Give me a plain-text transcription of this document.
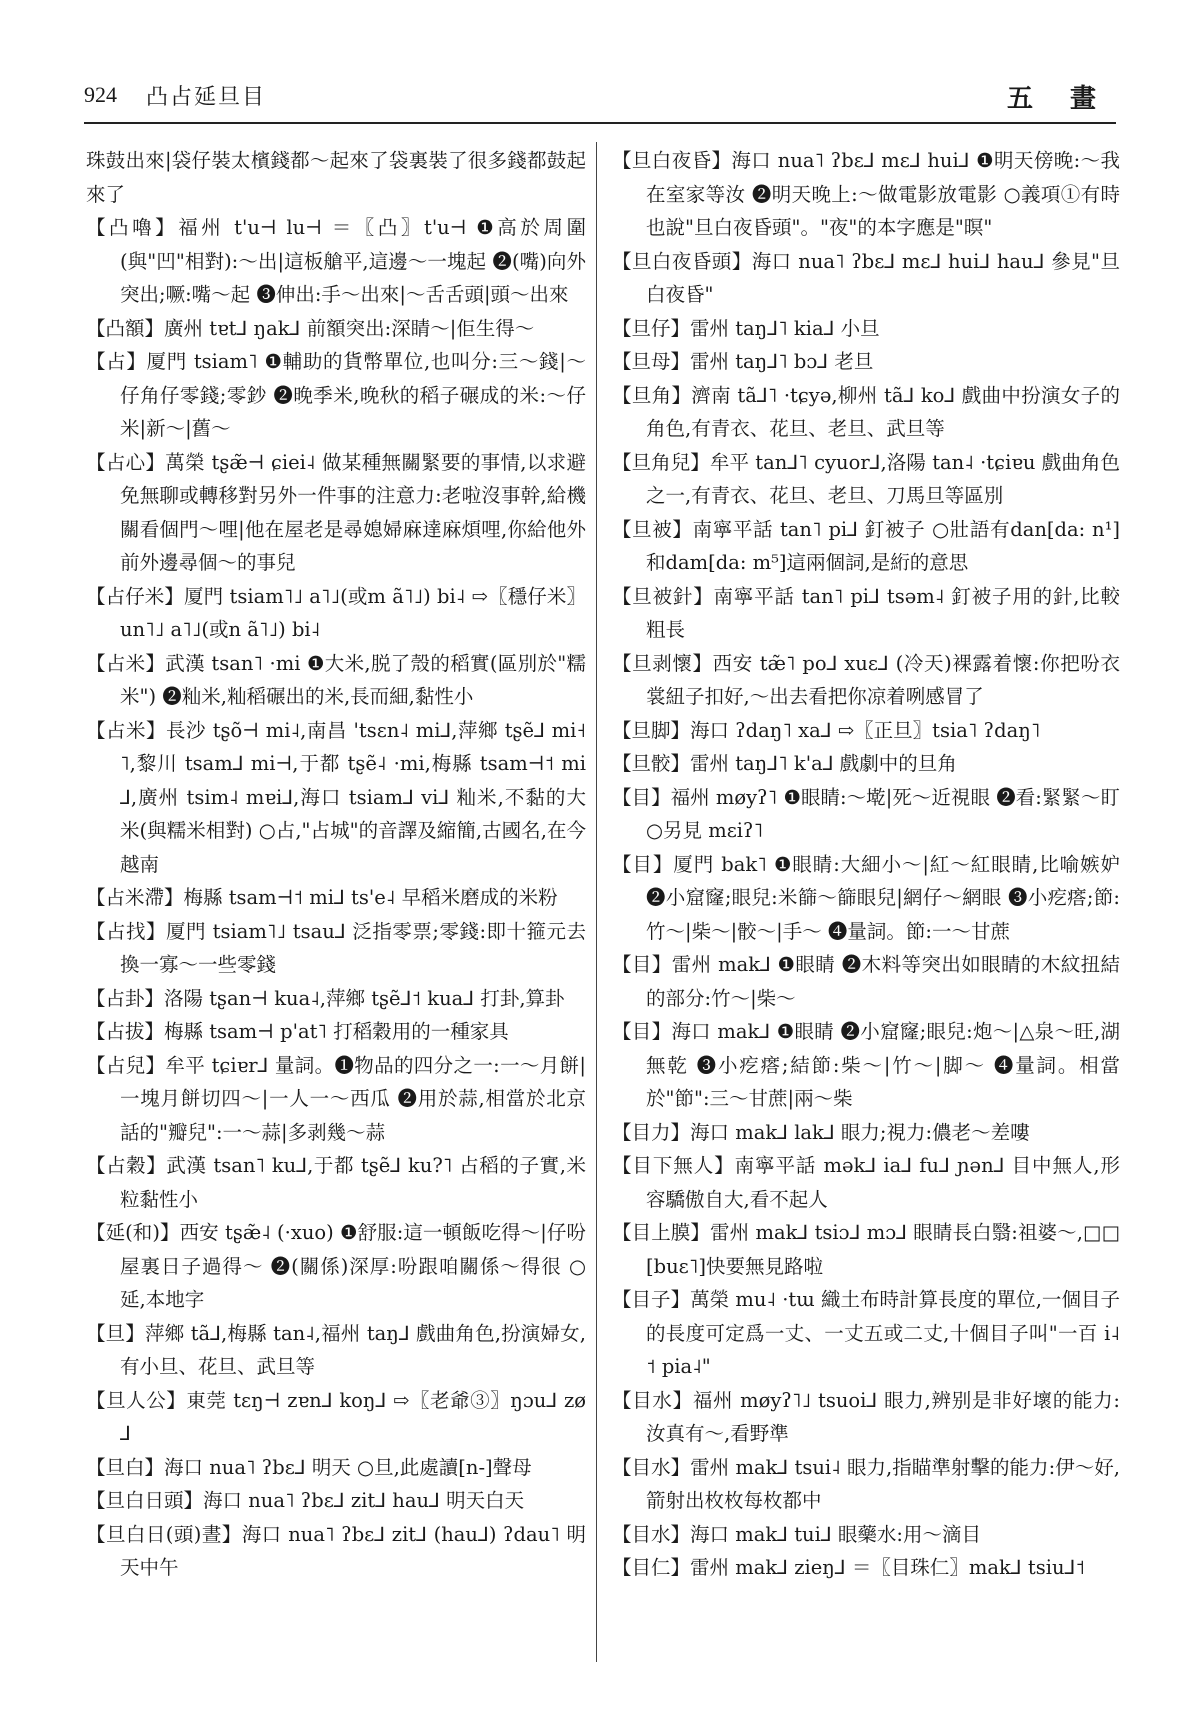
924 凸占延旦目	五 畫

珠鼓出來|袋仔裝太檳錢都～起來了袋裏裝了很多錢都鼓起來了

【凸嚕】福州 t'u⊣ lu⊣ ＝〖凸〗t'u⊣ ❶高於周圍(與"凹"相對):～出|這板艙平,這邊～一塊起 ❷(嘴)向外突出;噘:嘴～起 ❸伸出:手～出來|～舌舌頭|頭～出來

【凸額】廣州 tɐt⅃ ŋak⅃ 前額突出:深睛～|佢生得～

【占】厦門 tsiam˥ ❶輔助的貨幣單位,也叫分:三～錢|～仔角仔零錢;零鈔 ❷晚季米,晚秋的稻子碾成的米:～仔米|新～|舊～

【占心】萬榮 tʂæ̃⊣ ɕiei˨ 做某種無關緊要的事情,以求避免無聊或轉移對另外一件事的注意力:老啦沒事幹,給機關看個門～哩|他在屋老是尋媳婦麻達麻煩哩,你給他外前外邊尋個～的事兒

【占仔米】厦門 tsiam˥˩ a˥˩(或m ã˥˩) bi˨ ⇨〖穩仔米〗un˥˩ a˥˩(或n ã˥˩) bi˨

【占米】武漢 tsan˥ ·mi ❶大米,脱了殼的稻實(區別於"糯米") ❷籼米,籼稻碾出的米,長而細,黏性小

【占米】長沙 tʂõ⊣ mi˨,南昌 'tsɛn˨ mi⅃,萍鄉 tʂẽ⅃ mi˧˥,黎川 tsam⅃ mi⊣,于都 tʂẽ˨ ·mi,梅縣 tsam⊣˦ mi⅃,廣州 tsim˨ mɐi⅃,海口 tsiam⅃ vi⅃ 籼米,不黏的大米(與糯米相對) ○占,"占城"的音譯及縮簡,古國名,在今越南

【占米滯】梅縣 tsam⊣˦ mi⅃ ts'e˨ 早稻米磨成的米粉

【占找】厦門 tsiam˥˩ tsau⅃ 泛指零票;零錢:即十箍元去換一寡～一些零錢

【占卦】洛陽 tʂan⊣ kua˨,萍鄉 tʂẽ⅃˦ kua⅃ 打卦,算卦

【占拔】梅縣 tsam⊣ p'at˥ 打稻穀用的一種家具

【占兒】牟平 tɕiɐr⅃ 量詞。❶物品的四分之一:一～月餅|一塊月餅切四～|一人一～西瓜 ❷用於蒜,相當於北京話的"瓣兒":一～蒜|多剥幾～蒜

【占穀】武漢 tsan˥ ku⅃,于都 tʂẽ⅃ ku?˥ 占稻的子實,米粒黏性小

【延(和)】西安 tʂæ̃˨ (·xuo) ❶舒服:這一頓飯吃得～|仔吩屋裏日子過得～ ❷(關係)深厚:吩跟咱關係～得很 ○延,本地字

【旦】萍鄉 tã⅃,梅縣 tan˨,福州 taŋ⅃ 戲曲角色,扮演婦女,有小旦、花旦、武旦等

【旦人公】東莞 tɛŋ⊣ zɐn⅃ koŋ⅃ ⇨〖老爺③〗ŋɔu⅃ zø⅃

【旦白】海口 nua˥ ʔbɛ⅃ 明天 ○旦,此處讀[n-]聲母

【旦白日頭】海口 nua˥ ʔbɛ⅃ zit⅃ hau⅃ 明天白天

【旦白日(頭)晝】海口 nua˥ ʔbɛ⅃ zit⅃ (hau⅃) ʔdau˥ 明天中午

【旦白夜昏】海口 nua˥ ʔbɛ⅃ mɛ⅃ hui⅃ ❶明天傍晚:～我在室家等汝 ❷明天晚上:～做電影放電影 ○義項①有時也說"旦白夜昏頭"。"夜"的本字應是"暝"

【旦白夜昏頭】海口 nua˥ ʔbɛ⅃ mɛ⅃ hui⅃ hau⅃ 參見"旦白夜昏"

【旦仔】雷州 taŋ⅃˥ kia⅃ 小旦

【旦母】雷州 taŋ⅃˥ bɔ⅃ 老旦

【旦角】濟南 tã⅃˥ ·tɕyə,柳州 tã⅃ ko⅃ 戲曲中扮演女子的角色,有青衣、花旦、老旦、武旦等

【旦角兒】牟平 tan⅃˥ cyuor⅃,洛陽 tan˨ ·tɕiɐu 戲曲角色之一,有青衣、花旦、老旦、刀馬旦等區別

【旦被】南寧平話 tan˥ pi⅃ 釘被子 ○壯語有dan[da: n¹]和dam[da: m⁵]這兩個詞,是絎的意思

【旦被針】南寧平話 tan˥ pi⅃ tsəm˨ 釘被子用的針,比較粗長

【旦剥懷】西安 tæ̃˥ po⅃ xuɛ⅃ (冷天)裸露着懷:你把吩衣裳紐子扣好,～出去看把你凉着咧感冒了

【旦脚】海口 ʔdaŋ˥ xa⅃ ⇨〖正旦〗tsia˥ ʔdaŋ˥

【旦骹】雷州 taŋ⅃˥ k'a⅃ 戲劇中的旦角

【目】福州 møyʔ˥ ❶眼睛:～墘|死～近視眼 ❷看:緊緊～盯 ○另見 mɛiʔ˥

【目】厦門 bak˥ ❶眼睛:大細小～|紅～紅眼睛,比喻嫉妒 ❷小窟窿;眼兒:米篩～篩眼兒|網仔～網眼 ❸小疙瘩;節:竹～|柴～|骹～|手～ ❹量詞。節:一～甘蔗

【目】雷州 mak⅃ ❶眼睛 ❷木料等突出如眼睛的木紋扭結的部分:竹～|柴～

【目】海口 mak⅃ ❶眼睛 ❷小窟窿;眼兒:炮～|△泉～旺,湖無乾 ❸小疙瘩;結節:柴～|竹～|脚～ ❹量詞。相當於"節":三～甘蔗|兩～柴

【目力】海口 mak⅃ lak⅃ 眼力;視力:儂老～差嘍

【目下無人】南寧平話 mək⅃ ia⅃ fu⅃ ɲən⅃ 目中無人,形容驕傲自大,看不起人

【目上膜】雷州 mak⅃ tsiɔ⅃ mɔ⅃ 眼睛長白翳:祖婆～,□□[buɛ˥]快要無見路啦

【目子】萬榮 mu˨ ·tɯ 織土布時計算長度的單位,一個目子的長度可定爲一丈、一丈五或二丈,十個目子叫"一百 i˨˦ pia˨"

【目水】福州 møyʔ˥˩ tsuoi⅃ 眼力,辨别是非好壞的能力:汝真有～,看野準

【目水】雷州 mak⅃ tsui˨ 眼力,指瞄準射擊的能力:伊～好,箭射出枚枚每枚都中

【目水】海口 mak⅃ tui⅃ 眼藥水:用～滴目

【目仁】雷州 mak⅃ zieŋ⅃ ＝〖目珠仁〗mak⅃ tsiu⅃˦
